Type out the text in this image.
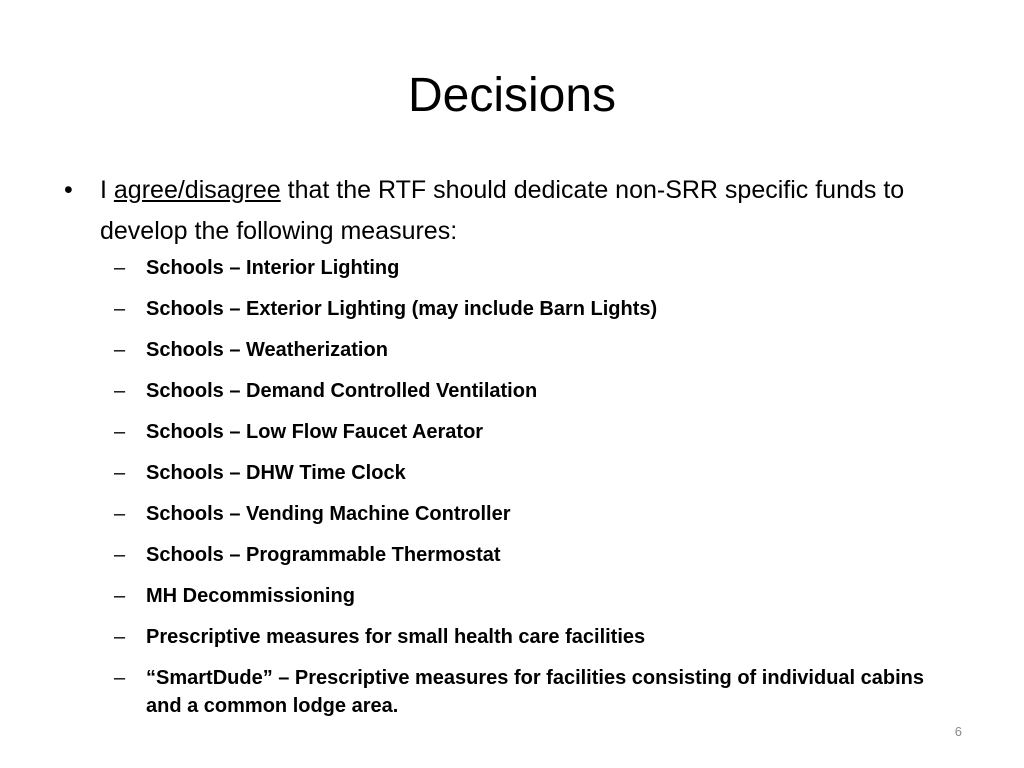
Decisions
• I agree/disagree that the RTF should dedicate non-SRR specific funds to develop the following measures:
– Schools – Interior Lighting
– Schools – Exterior Lighting (may include Barn Lights)
– Schools – Weatherization
– Schools – Demand Controlled Ventilation
– Schools – Low Flow Faucet Aerator
– Schools – DHW Time Clock
– Schools – Vending Machine Controller
– Schools – Programmable Thermostat
– MH Decommissioning
– Prescriptive measures for small health care facilities
– “SmartDude” – Prescriptive measures for facilities consisting of individual cabins and a common lodge area.
6
